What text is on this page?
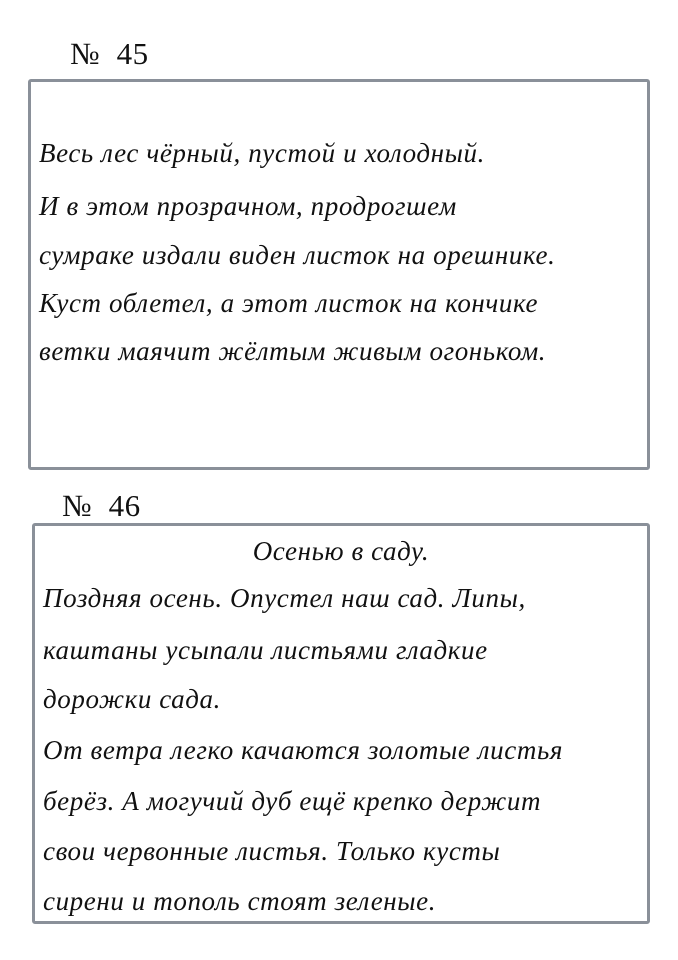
№  45
Весь лес чёрный, пустой и холодный.
И в этом прозрачном, продрогшем
сумраке издали виден листок на орешнике.
Куст облетел, а этот листок на кончике
ветки маячит жёлтым живым огоньком.
№  46
Осенью в саду.
Поздняя осень. Опустел наш сад. Липы,
каштаны усыпали листьями гладкие
дорожки сада.
От ветра легко качаются золотые листья
берёз. А могучий дуб ещё крепко держит
свои червонные листья. Только кусты
сирени и тополь стоят зеленые.
